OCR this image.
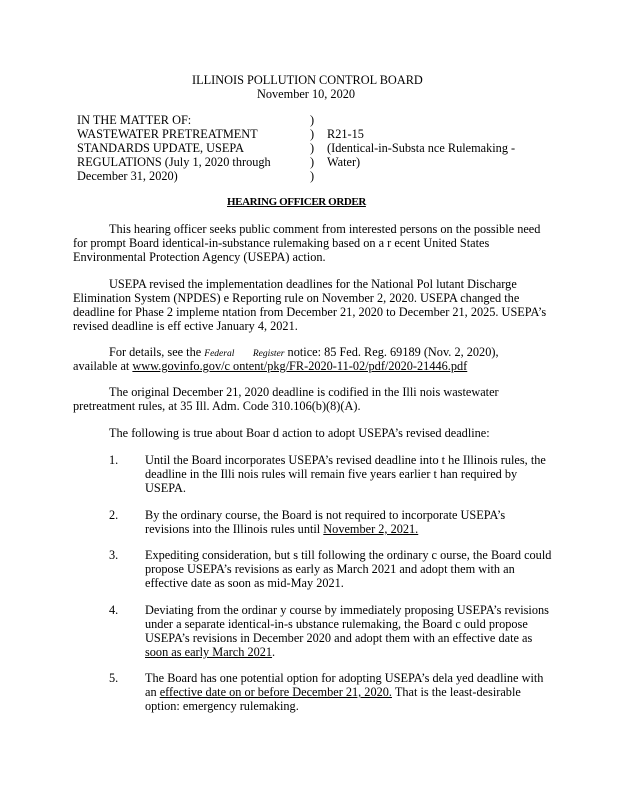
ILLINOIS POLLUTION CONTROL BOARD
November 10, 2020
IN THE MATTER OF:
WASTEWATER PRETREATMENT
STANDARDS UPDATE, USEPA
REGULATIONS (July 1, 2020 through
December 31, 2020)
)
)
)
)
)
R21-15
(Identical-in-Substa nce Rulemaking -
Water)
HEARING OFFICER ORDER
This hearing officer seeks public comment from interested persons on the possible need
for prompt Board identical-in-substance rulemaking based on a r ecent United States
Environmental Protection Agency (USEPA) action.
USEPA revised the implementation deadlines for the National Pol lutant Discharge
Elimination System (NPDES) e Reporting rule on November 2, 2020. USEPA changed the
deadline for Phase 2 impleme ntation from December 21, 2020 to December 21, 2025. USEPA’s
revised deadline is eff ective January 4, 2021.
For details, see the Federal Register notice: 85 Fed. Reg. 69189 (Nov. 2, 2020),
available at www.govinfo.gov/c ontent/pkg/FR-2020-11-02/pdf/2020-21446.pdf
The original December 21, 2020 deadline is codified in the Illi nois wastewater
pretreatment rules, at 35 Ill. Adm. Code 310.106(b)(8)(A).
The following is true about Boar d action to adopt USEPA’s revised deadline:
1. Until the Board incorporates USEPA’s revised deadline into t he Illinois rules, the
deadline in the Illi nois rules will remain five years earlier t han required by
USEPA.
2. By the ordinary course, the Board is not required to incorporate USEPA’s
revisions into the Illinois rules until November 2, 2021.
3. Expediting consideration, but s till following the ordinary c ourse, the Board could
propose USEPA’s revisions as early as March 2021 and adopt them with an
effective date as soon as mid-May 2021.
4. Deviating from the ordinar y course by immediately proposing USEPA’s revisions
under a separate identical-in-s ubstance rulemaking, the Board c ould propose
USEPA’s revisions in December 2020 and adopt them with an effective date as
soon as early March 2021.
5. The Board has one potential option for adopting USEPA’s dela yed deadline with
an effective date on or before December 21, 2020. That is the least-desirable
option: emergency rulemaking.
